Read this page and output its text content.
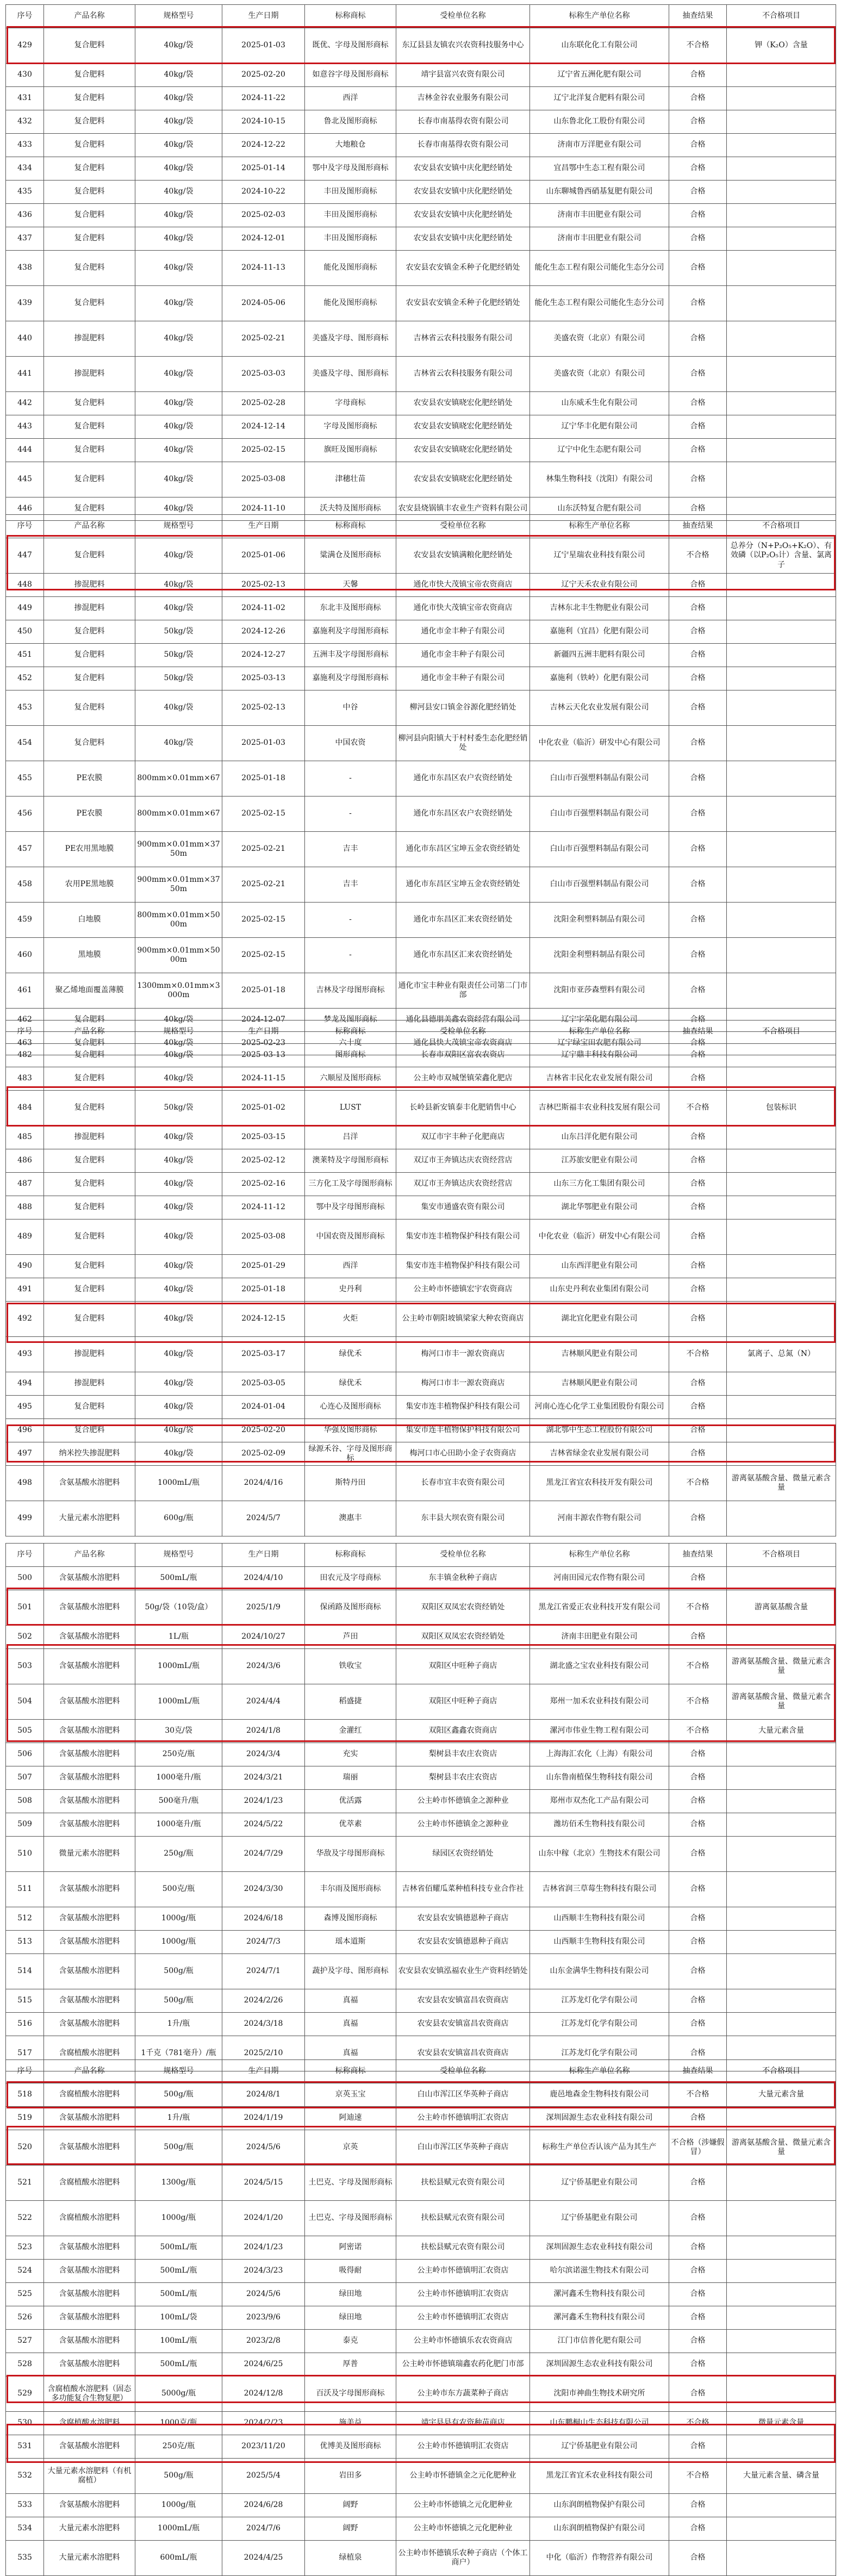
序号	产品名称	规格型号	生产日期	标称商标	受检单位名称	标称生产单位名称	抽查结果	不合格项目
429	复合肥料	40kg/袋	2025-01-03	既优、字母及图形商标	东辽县县友镇农兴农资科技服务中心	山东联化化工有限公司	不合格	钾（K₂O）含量
430	复合肥料	40kg/袋	2025-02-20	如意谷字母及图形商标	靖宇县富兴农资有限公司	辽宁省五洲化肥有限公司	合格	
431	复合肥料	40kg/袋	2024-11-22	西洋	吉林金谷农业服务有限公司	辽宁北洋复合肥料有限公司	合格	
432	复合肥料	40kg/袋	2024-10-15	鲁北及图形商标	长春市南基得农资有限公司	山东鲁北化工股份有限公司	合格	
433	复合肥料	40kg/袋	2024-12-22	大地粮仓	长春市南基得农资有限公司	济南市万洋肥业有限公司	合格	
434	复合肥料	40kg/袋	2025-01-14	鄂中及字母及图形商标	农安县农安镇中庆化肥经销处	宜昌鄂中生态工程有限公司	合格	
435	复合肥料	40kg/袋	2024-10-22	丰田及图形商标	农安县农安镇中庆化肥经销处	山东聊城鲁西硝基复肥有限公司	合格	
436	复合肥料	40kg/袋	2025-02-03	丰田及图形商标	农安县农安镇中庆化肥经销处	济南市丰田肥业有限公司	合格	
437	复合肥料	40kg/袋	2024-12-01	丰田及图形商标	农安县农安镇中庆化肥经销处	济南市丰田肥业有限公司	合格	
438	复合肥料	40kg/袋	2024-11-13	能化及图形商标	农安县农安镇金禾种子化肥经销处	能化生态工程有限公司能化生态分公司	合格	
439	复合肥料	40kg/袋	2024-05-06	能化及图形商标	农安县农安镇金禾种子化肥经销处	能化生态工程有限公司能化生态分公司	合格	
440	掺混肥料	40kg/袋	2025-02-21	美盛及字母、图形商标	吉林省云农科技服务有限公司	美盛农资（北京）有限公司	合格	
441	掺混肥料	40kg/袋	2025-03-03	美盛及字母、图形商标	吉林省云农科技服务有限公司	美盛农资（北京）有限公司	合格	
442	复合肥料	40kg/袋	2025-02-28	字母商标	农安县农安镇晓宏化肥经销处	山东威禾生化有限公司	合格	
443	复合肥料	40kg/袋	2024-12-14	字母及图形商标	农安县农安镇晓宏化肥经销处	辽宁华丰化肥有限公司	合格	
444	复合肥料	40kg/袋	2025-02-15	旗旺及图形商标	农安县农安镇晓宏化肥经销处	辽宁中化生态肥有限公司	合格	
445	复合肥料	40kg/袋	2025-03-08	津穗壮苗	农安县农安镇晓宏化肥经销处	林集生物科技（沈阳）有限公司	合格	
446	复合肥料	40kg/袋	2024-11-10	沃夫特及图形商标	农安县烧锅镇丰农业生产资料有限公司	山东沃特复合肥有限公司	合格	
序号	产品名称	规格型号	生产日期	标称商标	受检单位名称	标称生产单位名称	抽查结果	不合格项目
447	复合肥料	40kg/袋	2025-01-06	粱满仓及图形商标	农安县农安镇满粮化肥经销处	辽宁星瑞农业科技有限公司	不合格	总养分（N+P₂O₅+K₂O）、有效磷（以P₂O₅计）含量、氯离子
448	掺混肥料	40kg/袋	2025-02-13	天馨	通化市快大茂镇宝帝农资商店	辽宁天禾农业有限公司	合格	
449	掺混肥料	40kg/袋	2024-11-02	东北丰及图形商标	通化市快大茂镇宝帝农资商店	吉林东北丰生物肥业有限公司	合格	
450	复合肥料	50kg/袋	2024-12-26	嘉施利及字母图形商标	通化市金丰种子有限公司	嘉施利（宜昌）化肥有限公司	合格	
451	复合肥料	50kg/袋	2024-12-27	五洲丰及字母图形商标	通化市金丰种子有限公司	新疆四五洲丰肥料有限公司	合格	
452	复合肥料	50kg/袋	2025-03-13	嘉施利及字母图形商标	通化市金丰种子有限公司	嘉施利（铁岭）化肥有限公司	合格	
453	复合肥料	40kg/袋	2025-02-13	中谷	柳河县安口镇金谷源化肥经销处	吉林云天化农业发展有限公司	合格	
454	复合肥料	40kg/袋	2025-01-03	中国农资	柳河县向阳镇大于村村委生态化肥经销处	中化农业（临沂）研发中心有限公司	合格	
455	PE农膜	800mm×0.01mm×67	2025-01-18	-	通化市东昌区农户农资经销处	白山市百强塑料制品有限公司	合格	
456	PE农膜	800mm×0.01mm×67	2025-02-15	-	通化市东昌区农户农资经销处	白山市百强塑料制品有限公司	合格	
457	PE农用黑地膜	900mm×0.01mm×3750m	2025-02-21	吉丰	通化市东昌区宝坤五金农资经销处	白山市百强塑料制品有限公司	合格	
458	农用PE黑地膜	900mm×0.01mm×3750m	2025-02-21	吉丰	通化市东昌区宝坤五金农资经销处	白山市百强塑料制品有限公司	合格	
459	白地膜	800mm×0.01mm×5000m	2025-02-15	-	通化市东昌区汇来农资经销处	沈阳金利塑料制品有限公司	合格	
460	黑地膜	900mm×0.01mm×5000m	2025-02-15	-	通化市东昌区汇来农资经销处	沈阳金利塑料制品有限公司	合格	
461	聚乙烯地面覆盖薄膜	1300mm×0.01mm×3000m	2025-01-18	吉林及字母图形商标	通化市宝丰种业有限责任公司第二门市部	沈阳市亚莎森塑料有限公司	合格	
462	复合肥料	40kg/袋	2024-12-07	梦龙及图形商标	通化县德朋美鑫农资经营有限公司	辽宁宇荣化肥有限公司	合格	
463	复合肥料	40kg/袋	2025-02-23	六十度	通化县快大茂镇宝帝农资商店	辽宁绿宝田农肥有限公司	合格	
序号	产品名称	规格型号	生产日期	标称商标	受检单位名称	标称生产单位名称	抽查结果	不合格项目
482	复合肥料	40kg/袋	2025-03-13	图形商标	长春市双阳区富农农资店	辽宁鼎丰科技有限公司	合格	
483	复合肥料	40kg/袋	2024-11-15	六顺屋及图形商标	公主岭市双城堡镇荣鑫化肥店	吉林省丰民化农业发展有限公司	合格	
484	复合肥料	50kg/袋	2025-01-02	LUST	长岭县新安镇泰丰化肥销售中心	吉林巴斯福丰农业科技发展有限公司	不合格	包装标识
485	掺混肥料	40kg/袋	2025-03-15	吕洋	双辽市宇丰种子化肥商店	山东吕洋化肥有限公司	合格	
486	复合肥料	40kg/袋	2025-02-12	澳莱特及字母图形商标	双辽市王奔镇达庆农资经营店	江苏旅安肥业有限公司	合格	
487	复合肥料	40kg/袋	2025-02-16	三方化工及字母图形商标	双辽市王奔镇达庆农资经营店	山东三方化工集团有限公司	合格	
488	复合肥料	40kg/袋	2024-11-12	鄂中及字母图形商标	集安市通盛农资有限公司	湖北华鄂肥业有限公司	合格	
489	复合肥料	40kg/袋	2025-03-08	中国农资及图形商标	集安市连丰植物保护科技有限公司	中化农业（临沂）研发中心有限公司	合格	
490	复合肥料	40kg/袋	2025-01-29	西洋	集安市连丰植物保护科技有限公司	山东西洋肥业有限公司	合格	
491	复合肥料	40kg/袋	2025-01-18	史丹利	公主岭市怀德镇宏宇农资商店	山东史丹利农业集团有限公司	合格	
492	复合肥料	40kg/袋	2024-12-15	火炬	公主岭市朝阳坡镇梁家大种农资商店	湖北宜化肥业有限公司	合格	
493	掺混肥料	40kg/袋	2025-03-17	绿优禾	梅河口市丰一源农资商店	吉林顺风肥业有限公司	不合格	氯离子、总氮（N）
494	掺混肥料	40kg/袋	2025-03-05	绿优禾	梅河口市丰一源农资商店	吉林顺风肥业有限公司	合格	
495	复合肥料	40kg/袋	2024-01-04	心连心及图形商标	集安市连丰植物保护科技有限公司	河南心连心化学工业集团股份有限公司	合格	
496	复合肥料	40kg/袋	2025-02-20	华强及图形商标	集安市连丰植物保护科技有限公司	湖北鄂中生态工程股份有限公司	合格	
497	纳米控失掺混肥料	40kg/袋	2025-02-09	绿源禾谷、字母及图形商标	梅河口市心田助小金子农资商店	吉林省绿金农业发展有限公司	合格	
498	含氨基酸水溶肥料	1000mL/瓶	2024/4/16	斯特丹田	长春市宜丰农资有限公司	黑龙江省宜农科技开发有限公司	不合格	游离氨基酸含量、微量元素含量
499	大量元素水溶肥料	600g/瓶	2024/5/7	澳惠丰	东丰县大坝农资有限公司	河南丰源农作物有限公司	合格	
序号	产品名称	规格型号	生产日期	标称商标	受检单位名称	标称生产单位名称	抽查结果	不合格项目
500	含氨基酸水溶肥料	500mL/瓶	2024/4/10	田农元及字母商标	东丰镇金秋种子商店	河南田园元农作物有限公司	合格	
501	含氨基酸水溶肥料	50g/袋（10袋/盒）	2025/1/9	保函路及图形商标	双阳区双凤宏农资经销处	黑龙江省爱正农业科技开发有限公司	不合格	游离氨基酸含量
502	含氨基酸水溶肥料	1L/瓶	2024/10/27	芦田	双阳区双凤宏农资经销处	济南丰田肥业有限公司	合格	
503	含氨基酸水溶肥料	1000mL/瓶	2024/3/6	铁收宝	双阳区中旺种子商店	湖北盛之宝农业科技有限公司	不合格	游离氨基酸含量、微量元素含量
504	含氨基酸水溶肥料	1000mL/瓶	2024/4/4	稻盛捷	双阳区中旺种子商店	郑州一加禾农业科技有限公司	不合格	游离氨基酸含量、微量元素含量
505	含氨基酸水溶肥料	30克/袋	2024/1/8	金灌红	双阳区鑫鑫农资商店	漯河市伟业生物工程有限公司	不合格	大量元素含量
506	含氨基酸水溶肥料	250克/瓶	2024/3/4	充实	梨树县丰农庄农资店	上海海汇农化（上海）有限公司	合格	
507	含氨基酸水溶肥料	1000毫升/瓶	2024/3/21	瑞丽	梨树县丰农庄农资店	山东鲁南植保生物科技有限公司	合格	
508	含氨基酸水溶肥料	500毫升/瓶	2024/1/23	优活露	公主岭市怀德镇金之源种业	郑州市双杰化工产品有限公司	合格	
509	含氨基酸水溶肥料	1000毫升/瓶	2024/5/22	优萃素	公主岭市怀德镇金之源种业	潍坊佰禾生物科技有限公司	合格	
510	微量元素水溶肥料	250g/瓶	2024/7/29	华敌及字母图形商标	绿园区农资经销处	山东中稼（北京）生物技术有限公司	合格	
511	含氨基酸水溶肥料	500克/瓶	2024/3/30	丰尔雨及图形商标	吉林省佰耀瓜菜种植科技专业合作社	吉林省润三草莓生物科技有限公司	合格	
512	含氨基酸水溶肥料	1000g/瓶	2024/6/18	森博及图形商标	农安县农安镇德恩种子商店	山西顺丰生物科技有限公司	合格	
513	含氨基酸水溶肥料	1000g/瓶	2024/7/3	瑶本道斯	农安县农安镇德恩种子商店	山西顺丰生物科技有限公司	合格	
514	含氨基酸水溶肥料	500g/瓶	2024/7/1	蔬护及字母、图形商标	农安县农安镇泓福农业生产资料经销处	山东金满华生物科技有限公司	合格	
515	含氨基酸水溶肥料	500g/瓶	2024/2/26	真福	农安县农安镇富昌农资商店	江苏龙灯化学有限公司	合格	
516	含氨基酸水溶肥料	1升/瓶	2024/3/18	真福	农安县农安镇富昌农资商店	江苏龙灯化学有限公司	合格	
517	含腐植酸水溶肥料	1千克（781毫升）/瓶	2025/2/10	真福	农安县农安镇富昌农资商店	江苏龙灯化学有限公司	合格	
序号	产品名称	规格型号	生产日期	标称商标	受检单位名称	标称生产单位名称	抽查结果	不合格项目
518	含腐植酸水溶肥料	500g/瓶	2024/8/1	京英玉宝	白山市浑江区华英种子商店	鹿邑地森金生物科技有限公司	不合格	大量元素含量
519	含氨基酸水溶肥料	1升/瓶	2024/1/19	阿迪速	公主岭市怀德镇明汇农资店	深圳固源生态农业科技有限公司	合格	
520	含氨基酸水溶肥料	500g/瓶	2024/5/6	京英	白山市浑江区华英种子商店	标称生产单位否认该产品为其生产	不合格（涉嫌假冒）	游离氨基酸含量、微量元素含量
521	含腐植酸水溶肥料	1300g/瓶	2024/5/15	土巴克、字母及图形商标	扶松县赋元农资有限公司	辽宁侨基肥业有限公司	合格	
522	含腐植酸水溶肥料	1000g/瓶	2024/1/20	土巴克、字母及图形商标	扶松县赋元农资有限公司	辽宁侨基肥业有限公司	合格	
523	含氨基酸水溶肥料	500mL/瓶	2024/1/23	阿密诺	扶松县赋元农资有限公司	深圳固源生态农业科技有限公司	合格	
524	含氨基酸水溶肥料	500mL/瓶	2024/3/23	吸得耐	公主岭市怀德镇明汇农资店	哈尔滨诺滋生物技术有限公司	合格	
525	含氨基酸水溶肥料	500mL/瓶	2024/5/6	绿田地	公主岭市怀德镇明汇农资店	漯河鑫禾生物科技有限公司	合格	
526	含氨基酸水溶肥料	100mL/袋	2023/9/6	绿田地	公主岭市怀德镇明汇农资店	漯河鑫禾生物科技有限公司	合格	
527	含氨基酸水溶肥料	100mL/瓶	2023/2/8	泰克	公主岭市怀德镇乐农农资商店	江门市信普化肥有限公司	合格	
528	含氨基酸水溶肥料	500mL/瓶	2024/6/25	厚普	公主岭市怀德镇瑞鑫农药化肥门市部	深圳固源生态农业科技有限公司	合格	
529	含腐植酸水溶肥料（固态多功能复合生物复肥）	5000g/瓶	2024/12/8	百沃及字母图形商标	公主岭市东方蔬菜种子商店	沈阳市神曲生物技术研究所	合格	
530	含腐植酸水溶肥料	1000克/瓶	2024/2/23	施美益	靖宇县县有农资种苗商店	山东鹏桐山生态科技有限公司	不合格	微量元素含量
531	含氨基酸水溶肥料	250克/瓶	2023/11/20	优博美及图形商标	公主岭市怀德镇明汇农资店	辽宁侨基肥业有限公司	合格	
532	大量元素水溶肥料（有机腐植）	500g/瓶	2025/5/4	岩田多	公主岭市怀德镇金之元化肥种业	黑龙江省宜禾农业科技有限公司	不合格	大量元素含量、磷含量
533	含氨基酸水溶肥料	1000g/瓶	2024/6/28	阔野	公主岭市怀德镇之元化肥种业	山东润朗植物保护有限公司	合格	
534	大量元素水溶肥料	1000mL/瓶	2024/7/6	阔野	公主岭市怀德镇之元化肥种业	山东润朗植物保护有限公司	合格	
535	大量元素水溶肥料	600mL/瓶	2024/4/25	绿植泉	公主岭市怀德镇乐农种子商店（个体工商户）	中化（临沂）作物营养有限公司	合格	
